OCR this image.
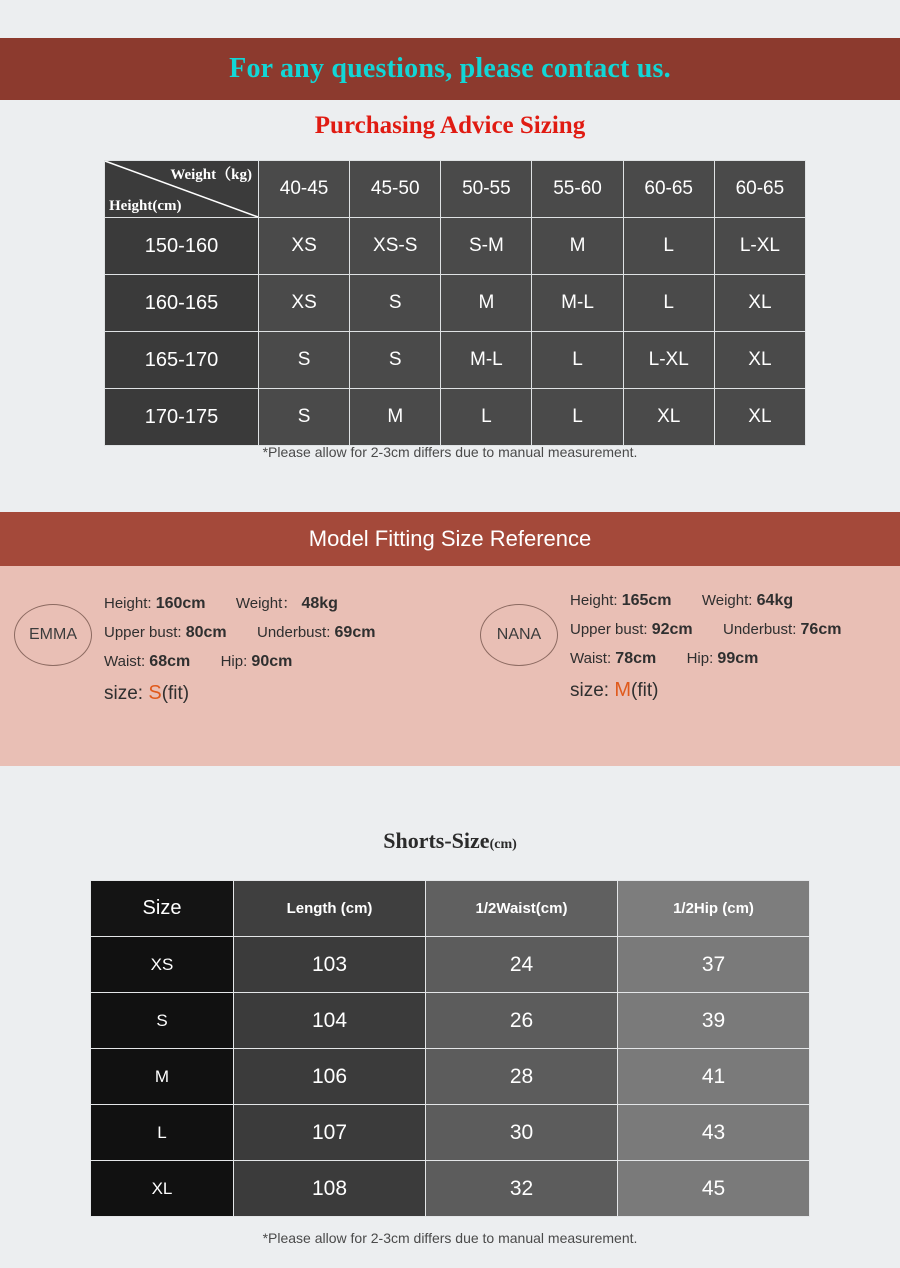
For any questions, please contact us.
Purchasing Advice Sizing
Weight（kg)
Height(cm)	40-45	45-50	50-55	55-60	60-65	60-65
150-160	XS	XS-S	S-M	M	L	L-XL
160-165	XS	S	M	M-L	L	XL
165-170	S	S	M-L	L	L-XL	XL
170-175	S	M	L	L	XL	XL
*Please allow for 2-3cm differs due to manual measurement.
Model Fitting Size Reference
EMMA
Height: 160cm Weight： 48kg
Upper bust: 80cm Underbust: 69cm
Waist: 68cm Hip: 90cm
size: S(fit)
NANA
Height: 165cm Weight: 64kg
Upper bust: 92cm Underbust: 76cm
Waist: 78cm Hip: 99cm
size: M(fit)
Shorts-Size(cm)
Size	Length (cm)	1/2Waist(cm)	1/2Hip (cm)
XS	103	24	37
S	104	26	39
M	106	28	41
L	107	30	43
XL	108	32	45
*Please allow for 2-3cm differs due to manual measurement.
